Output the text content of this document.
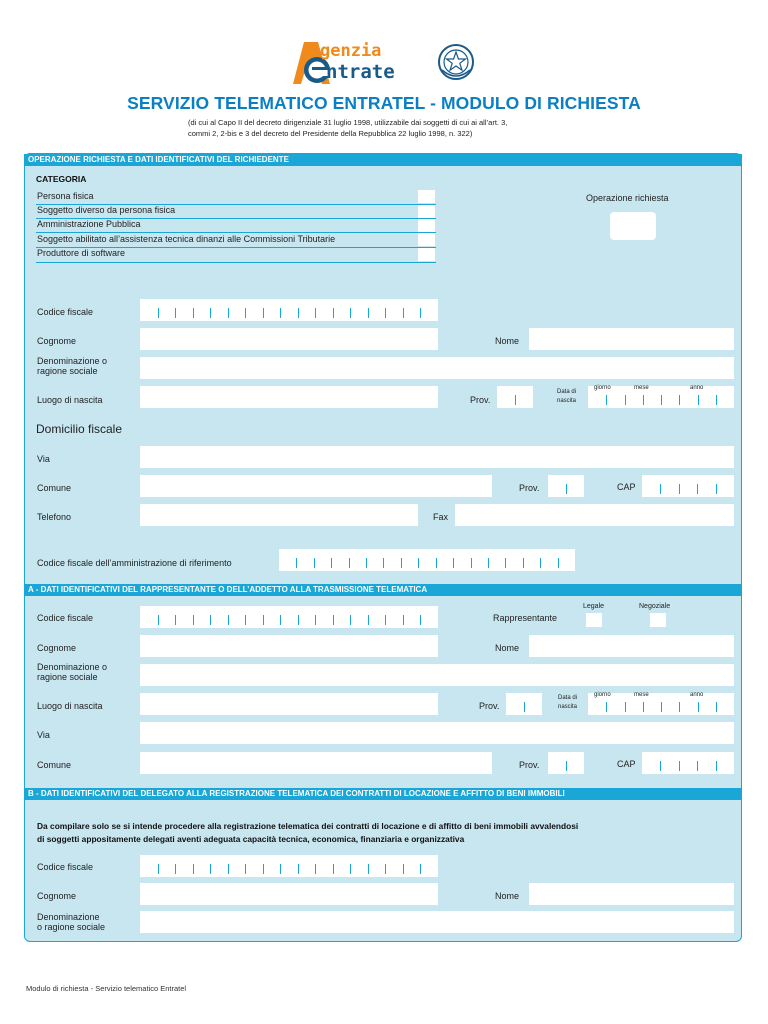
genzia
ntrate
SERVIZIO TELEMATICO ENTRATEL - MODULO DI RICHIESTA
(di cui al Capo II del decreto dirigenziale 31 luglio 1998, utilizzabile dai soggetti di cui ai all’art. 3,
commi 2, 2-bis e 3 del decreto del Presidente della Repubblica 22 luglio 1998, n. 322)
OPERAZIONE RICHIESTA E DATI IDENTIFICATIVI DEL RICHIEDENTE
CATEGORIA
Persona fisica
Soggetto diverso da persona fisica
Amministrazione Pubblica
Soggetto abilitato all’assistenza tecnica dinanzi alle Commissioni Tributarie
Produttore di software
Operazione richiesta
Codice fiscale
Cognome	Nome
Denominazione o
ragione sociale
Luogo di nascita	Prov.
Data di
nascita
giorno	mese	anno
Domicilio fiscale
Via
Comune	Prov.	CAP
Telefono	Fax
Codice fiscale dell’amministrazione di riferimento
A - DATI IDENTIFICATIVI DEL RAPPRESENTANTE O DELL’ADDETTO ALLA TRASMISSIONE TELEMATICA
Codice fiscale	Rappresentante
Legale	Negoziale
Cognome	Nome
Denominazione o
ragione sociale
Luogo di nascita	Prov.
Data di
nascita
giorno	mese	anno
Via
Comune	Prov.	CAP
B - DATI IDENTIFICATIVI DEL DELEGATO ALLA REGISTRAZIONE TELEMATICA DEI CONTRATTI DI LOCAZIONE E AFFITTO DI BENI IMMOBILI
Da compilare solo se si intende procedere alla registrazione telematica dei contratti di locazione e di affitto di beni immobili avvalendosi
di soggetti appositamente delegati aventi adeguata capacità tecnica, economica, finanziaria e organizzativa
Codice fiscale
Cognome	Nome
Denominazione
o ragione sociale
Modulo di richiesta - Servizio telematico Entratel
